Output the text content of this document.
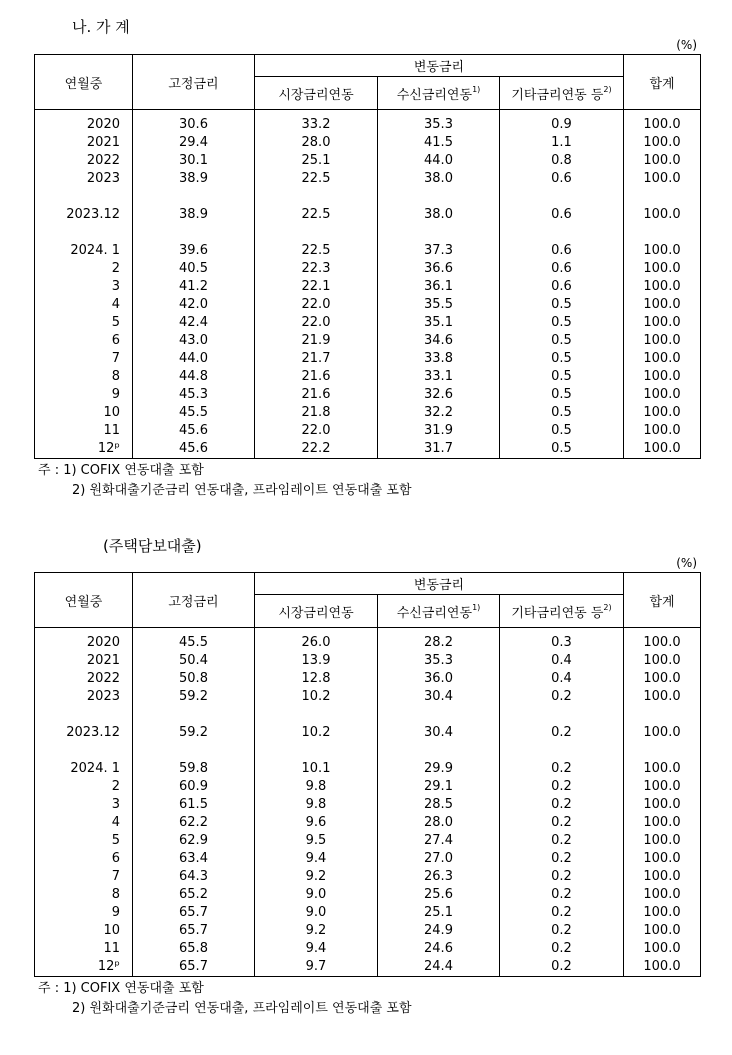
나. 가 계
(%)
연월중	고정금리	변동금리			합계
		시장금리연동	수신금리연동$^{1)}$	기타금리연동 등$^{2)}$

2020	30.6	33.2	35.3	0.9	100.0
2021	29.4	28.0	41.5	1.1	100.0
2022	30.1	25.1	44.0	0.8	100.0
2023	38.9	22.5	38.0	0.6	100.0

2023.12	38.9	22.5	38.0	0.6	100.0

2024. 1	39.6	22.5	37.3	0.6	100.0
2	40.5	22.3	36.6	0.6	100.0
3	41.2	22.1	36.1	0.6	100.0
4	42.0	22.0	35.5	0.5	100.0
5	42.4	22.0	35.1	0.5	100.0
6	43.0	21.9	34.6	0.5	100.0
7	44.0	21.7	33.8	0.5	100.0
8	44.8	21.6	33.1	0.5	100.0
9	45.3	21.6	32.6	0.5	100.0
10	45.5	21.8	32.2	0.5	100.0
11	45.6	22.0	31.9	0.5	100.0
12ᵖ	45.6	22.2	31.7	0.5	100.0
주 : 1) COFIX 연동대출 포함
2) 원화대출기준금리 연동대출, 프라임레이트 연동대출 포함
(주택담보대출)
(%)
연월중	고정금리	변동금리			합계
		시장금리연동	수신금리연동$^{1)}$	기타금리연동 등$^{2)}$

2020	45.5	26.0	28.2	0.3	100.0
2021	50.4	13.9	35.3	0.4	100.0
2022	50.8	12.8	36.0	0.4	100.0
2023	59.2	10.2	30.4	0.2	100.0

2023.12	59.2	10.2	30.4	0.2	100.0

2024. 1	59.8	10.1	29.9	0.2	100.0
2	60.9	9.8	29.1	0.2	100.0
3	61.5	9.8	28.5	0.2	100.0
4	62.2	9.6	28.0	0.2	100.0
5	62.9	9.5	27.4	0.2	100.0
6	63.4	9.4	27.0	0.2	100.0
7	64.3	9.2	26.3	0.2	100.0
8	65.2	9.0	25.6	0.2	100.0
9	65.7	9.0	25.1	0.2	100.0
10	65.7	9.2	24.9	0.2	100.0
11	65.8	9.4	24.6	0.2	100.0
12ᵖ	65.7	9.7	24.4	0.2	100.0
주 : 1) COFIX 연동대출 포함
2) 원화대출기준금리 연동대출, 프라임레이트 연동대출 포함
